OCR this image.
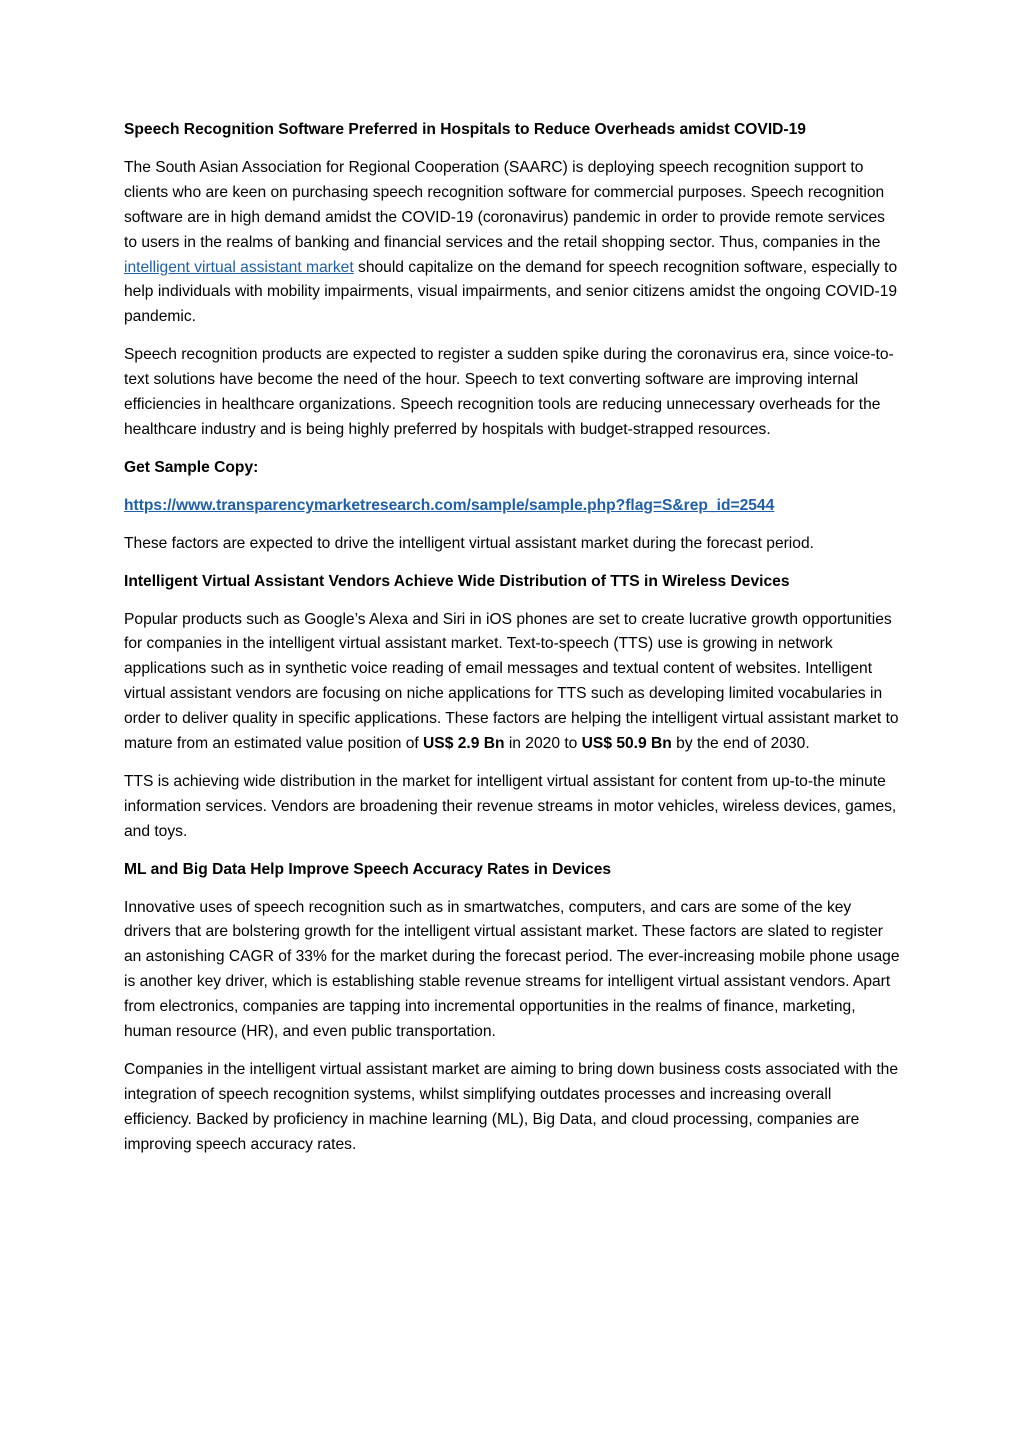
Speech Recognition Software Preferred in Hospitals to Reduce Overheads amidst COVID-19

The South Asian Association for Regional Cooperation (SAARC) is deploying speech recognition support to clients who are keen on purchasing speech recognition software for commercial purposes. Speech recognition software are in high demand amidst the COVID-19 (coronavirus) pandemic in order to provide remote services to users in the realms of banking and financial services and the retail shopping sector. Thus, companies in the intelligent virtual assistant market should capitalize on the demand for speech recognition software, especially to help individuals with mobility impairments, visual impairments, and senior citizens amidst the ongoing COVID-19 pandemic.

Speech recognition products are expected to register a sudden spike during the coronavirus era, since voice-to-text solutions have become the need of the hour. Speech to text converting software are improving internal efficiencies in healthcare organizations. Speech recognition tools are reducing unnecessary overheads for the healthcare industry and is being highly preferred by hospitals with budget-strapped resources.

Get Sample Copy:

https://www.transparencymarketresearch.com/sample/sample.php?flag=S&rep_id=2544

These factors are expected to drive the intelligent virtual assistant market during the forecast period.

Intelligent Virtual Assistant Vendors Achieve Wide Distribution of TTS in Wireless Devices

Popular products such as Google’s Alexa and Siri in iOS phones are set to create lucrative growth opportunities for companies in the intelligent virtual assistant market. Text-to-speech (TTS) use is growing in network applications such as in synthetic voice reading of email messages and textual content of websites. Intelligent virtual assistant vendors are focusing on niche applications for TTS such as developing limited vocabularies in order to deliver quality in specific applications. These factors are helping the intelligent virtual assistant market to mature from an estimated value position of US$ 2.9 Bn in 2020 to US$ 50.9 Bn by the end of 2030.

TTS is achieving wide distribution in the market for intelligent virtual assistant for content from up-to-the minute information services. Vendors are broadening their revenue streams in motor vehicles, wireless devices, games, and toys.

ML and Big Data Help Improve Speech Accuracy Rates in Devices

Innovative uses of speech recognition such as in smartwatches, computers, and cars are some of the key drivers that are bolstering growth for the intelligent virtual assistant market. These factors are slated to register an astonishing CAGR of 33% for the market during the forecast period. The ever-increasing mobile phone usage is another key driver, which is establishing stable revenue streams for intelligent virtual assistant vendors. Apart from electronics, companies are tapping into incremental opportunities in the realms of finance, marketing, human resource (HR), and even public transportation.

Companies in the intelligent virtual assistant market are aiming to bring down business costs associated with the integration of speech recognition systems, whilst simplifying outdates processes and increasing overall efficiency. Backed by proficiency in machine learning (ML), Big Data, and cloud processing, companies are improving speech accuracy rates.
